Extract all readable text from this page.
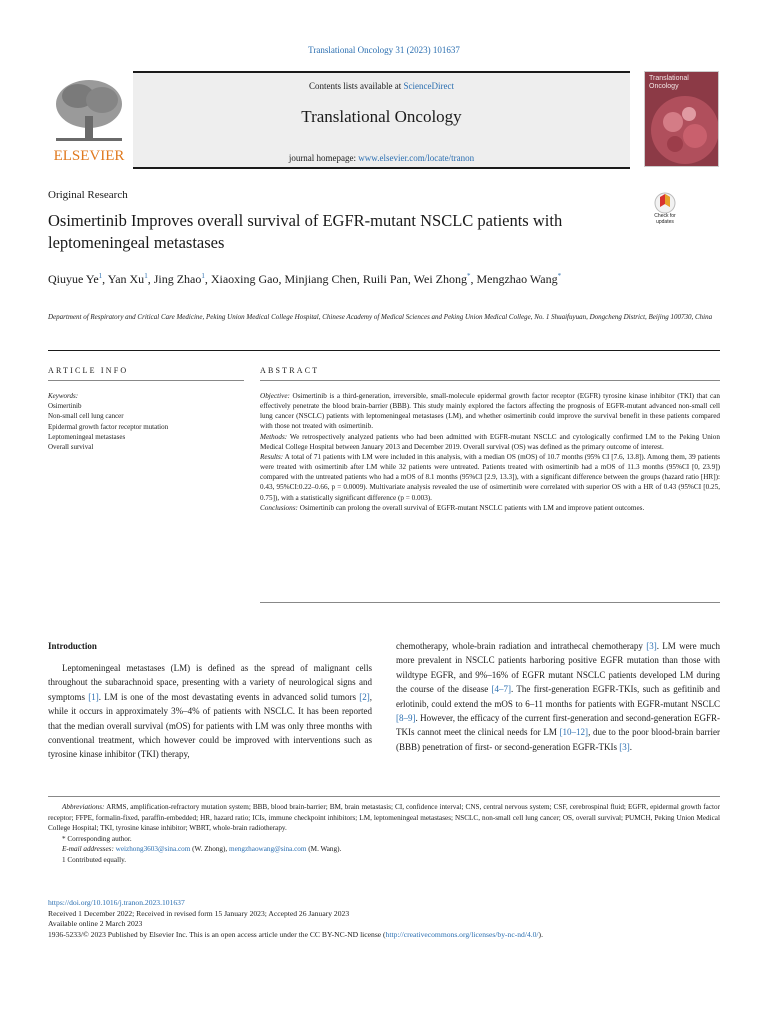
Translational Oncology 31 (2023) 101637
ELSEVIER
Contents lists available at ScienceDirect
Translational Oncology
journal homepage: www.elsevier.com/locate/tranon
Translational Oncology
Original Research
Osimertinib Improves overall survival of EGFR-mutant NSCLC patients with leptomeningeal metastases
Check for updates
Qiuyue Ye$^1$, Yan Xu$^1$, Jing Zhao$^1$, Xiaoxing Gao, Minjiang Chen, Ruili Pan, Wei Zhong*, Mengzhao Wang*
Department of Respiratory and Critical Care Medicine, Peking Union Medical College Hospital, Chinese Academy of Medical Sciences and Peking Union Medical College, No. 1 Shuaifuyuan, Dongcheng District, Beijing 100730, China
ARTICLE INFO	ABSTRACT
Keywords:
Osimertinib
Non-small cell lung cancer
Epidermal growth factor receptor mutation
Leptomeningeal metastases
Overall survival

Objective: Osimertinib is a third-generation, irreversible, small-molecule epidermal growth factor receptor (EGFR) tyrosine kinase inhibitor (TKI) that can effectively penetrate the blood brain-barrier (BBB). This study mainly explored the factors affecting the prognosis of EGFR-mutant advanced non-small cell lung cancer (NSCLC) patients with leptomeningeal metastases (LM), and whether osimertinib could improve the survival benefit in these patients compared with those not treated with osimertinib.

Methods: We retrospectively analyzed patients who had been admitted with EGFR-mutant NSCLC and cytologically confirmed LM to the Peking Union Medical College Hospital between January 2013 and December 2019. Overall survival (OS) was defined as the primary outcome of interest.

Results: A total of 71 patients with LM were included in this analysis, with a median OS (mOS) of 10.7 months (95% CI [7.6, 13.8]). Among them, 39 patients were treated with osimertinib after LM while 32 patients were untreated. Patients treated with osimertinib had a mOS of 11.3 months (95%CI [0, 23.9]) compared with the untreated patients who had a mOS of 8.1 months (95%CI [2.9, 13.3]), with a significant difference between the groups (hazard ratio [HR]): 0.43, 95%CI:0.22–0.66, p = 0.0009). Multivariate analysis revealed the use of osimertinib were correlated with superior OS with a HR of 0.43 (95%CI [0.25, 0.75]), with a statistically significant difference (p = 0.003).

Conclusions: Osimertinib can prolong the overall survival of EGFR-mutant NSCLC patients with LM and improve patient outcomes.

Introduction

Leptomeningeal metastases (LM) is defined as the spread of malignant cells throughout the subarachnoid space, presenting with a variety of neurological signs and symptoms [1]. LM is one of the most devastating events in advanced solid tumors [2], while it occurs in approximately 3%–4% of patients with NSCLC. It has been reported that the median overall survival (mOS) for patients with LM was only three months with conventional treatment, which however could be improved with interventions such as tyrosine kinase inhibitor (TKI) therapy,

chemotherapy, whole-brain radiation and intrathecal chemotherapy [3]. LM were much more prevalent in NSCLC patients harboring positive EGFR mutation than those with wildtype EGFR, and 9%–16% of EGFR mutant NSCLC patients developed LM during the course of the disease [4–7]. The first-generation EGFR-TKIs, such as gefitinib and erlotinib, could extend the mOS to 6–11 months for patients with EGFR-mutant NSCLC [8–9]. However, the efficacy of the current first-generation and second-generation EGFR-TKIs cannot meet the clinical needs for LM [10–12], due to the poor blood-brain barrier (BBB) penetration of first- or second-generation EGFR-TKIs [3].

Abbreviations: ARMS, amplification-refractory mutation system; BBB, blood brain-barrier; BM, brain metastasis; CI, confidence interval; CNS, central nervous system; CSF, cerebrospinal fluid; EGFR, epidermal growth factor receptor; FFPE, formalin-fixed, paraffin-embedded; HR, hazard ratio; ICIs, immune checkpoint inhibitors; LM, leptomeningeal metastases; NSCLC, non-small cell lung cancer; OS, overall survival; PUMCH, Peking Union Medical College Hospital; TKI, tyrosine kinase inhibitor; WBRT, whole-brain radiotherapy.

* Corresponding author.

E-mail addresses: weizhong3603@sina.com (W. Zhong), mengzhaowang@sina.com (M. Wang).

1 Contributed equally.

https://doi.org/10.1016/j.tranon.2023.101637

Received 1 December 2022; Received in revised form 15 January 2023; Accepted 26 January 2023

Available online 2 March 2023

1936-5233/© 2023 Published by Elsevier Inc. This is an open access article under the CC BY-NC-ND license (http://creativecommons.org/licenses/by-nc-nd/4.0/).
